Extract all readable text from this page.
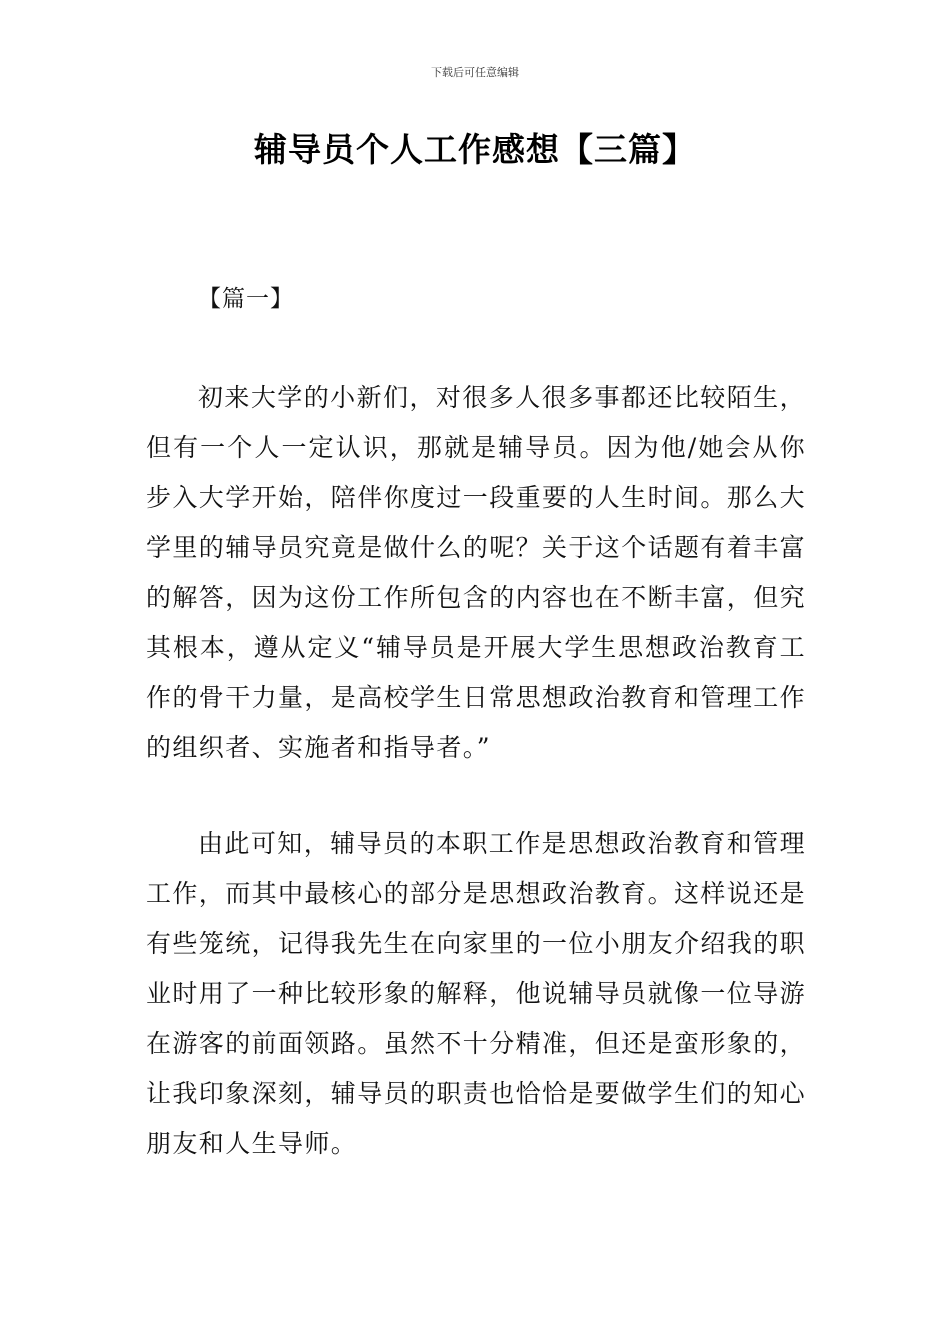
下载后可任意编辑
辅导员个人工作感想【三篇】
【篇一】

初来大学的小新们，对很多人很多事都还比较陌生，但有一个人一定认识，那就是辅导员。因为他/她会从你步入大学开始，陪伴你度过一段重要的人生时间。那么大学里的辅导员究竟是做什么的呢？关于这个话题有着丰富的解答，因为这份工作所包含的内容也在不断丰富，但究其根本，遵从定义“辅导员是开展大学生思想政治教育工作的骨干力量，是高校学生日常思想政治教育和管理工作的组织者、实施者和指导者。”

由此可知，辅导员的本职工作是思想政治教育和管理工作，而其中最核心的部分是思想政治教育。这样说还是有些笼统，记得我先生在向家里的一位小朋友介绍我的职业时用了一种比较形象的解释，他说辅导员就像一位导游在游客的前面领路。虽然不十分精准，但还是蛮形象的，让我印象深刻，辅导员的职责也恰恰是要做学生们的知心朋友和人生导师。
